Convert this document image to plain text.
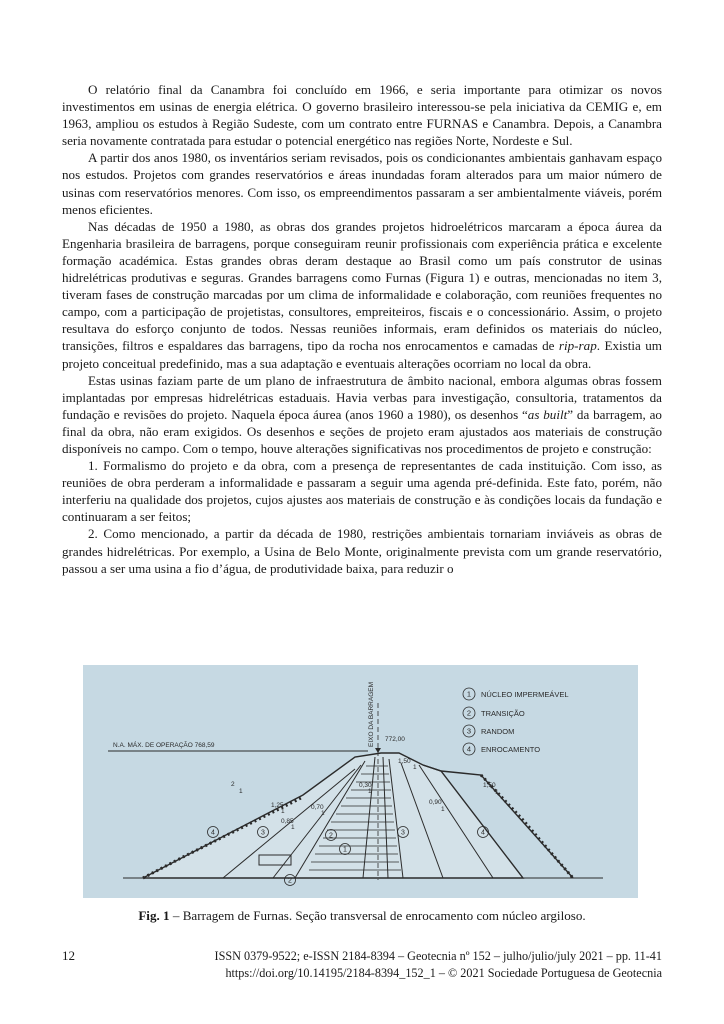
O relatório final da Canambra foi concluído em 1966, e seria importante para otimizar os novos investimentos em usinas de energia elétrica. O governo brasileiro interessou-se pela iniciativa da CEMIG e, em 1963, ampliou os estudos à Região Sudeste, com um contrato entre FURNAS e Canambra. Depois, a Canambra seria novamente contratada para estudar o potencial energético nas regiões Norte, Nordeste e Sul.

A partir dos anos 1980, os inventários seriam revisados, pois os condicionantes ambientais ganhavam espaço nos estudos. Projetos com grandes reservatórios e áreas inundadas foram alterados para um maior número de usinas com reservatórios menores. Com isso, os empreendimentos passaram a ser ambientalmente viáveis, porém menos eficientes.

Nas décadas de 1950 a 1980, as obras dos grandes projetos hidroelétricos marcaram a época áurea da Engenharia brasileira de barragens, porque conseguiram reunir profissionais com experiência prática e excelente formação académica. Estas grandes obras deram destaque ao Brasil como um país construtor de usinas hidrelétricas produtivas e seguras. Grandes barragens como Furnas (Figura 1) e outras, mencionadas no item 3, tiveram fases de construção marcadas por um clima de informalidade e colaboração, com reuniões frequentes no campo, com a participação de projetistas, consultores, empreiteiros, fiscais e o concessionário. Assim, o projeto resultava do esforço conjunto de todos. Nessas reuniões informais, eram definidos os materiais do núcleo, transições, filtros e espaldares das barragens, tipo da rocha nos enrocamentos e camadas de rip-rap. Existia um projeto conceitual predefinido, mas a sua adaptação e eventuais alterações ocorriam no local da obra.

Estas usinas faziam parte de um plano de infraestrutura de âmbito nacional, embora algumas obras fossem implantadas por empresas hidrelétricas estaduais. Havia verbas para investigação, consultoria, tratamentos da fundação e revisões do projeto. Naquela época áurea (anos 1960 a 1980), os desenhos “as built” da barragem, ao final da obra, não eram exigidos. Os desenhos e seções de projeto eram ajustados aos materiais de construção disponíveis no campo. Com o tempo, houve alterações significativas nos procedimentos de projeto e construção:

1. Formalismo do projeto e da obra, com a presença de representantes de cada instituição. Com isso, as reuniões de obra perderam a informalidade e passaram a seguir uma agenda pré-definida. Este fato, porém, não interferiu na qualidade dos projetos, cujos ajustes aos materiais de construção e às condições locais da fundação e continuaram a ser feitos;

2. Como mencionado, a partir da década de 1980, restrições ambientais tornariam inviáveis as obras de grandes hidrelétricas. Por exemplo, a Usina de Belo Monte, originalmente prevista com um grande reservatório, passou a ser uma usina a fio d’água, de produtividade baixa, para reduzir o

EIXO DA BARRAGEM
N.A. MÁX. DE OPERAÇÃO 768,59
772,00
1,50
1
1,50
1
0,90
1
2
1
1,25
1
0,70
1
0,85
1
0,30
1
4	3	2
1
3	4
2
1 NÚCLEO IMPERMEÁVEL
2 TRANSIÇÃO
3 RANDOM
4 ENROCAMENTO
Fig. 1 – Barragem de Furnas. Seção transversal de enrocamento com núcleo argiloso.
12	ISSN 0379-9522; e-ISSN 2184-8394 – Geotecnia nº 152 – julho/julio/july 2021 – pp. 11-41
https://doi.org/10.14195/2184-8394_152_1 – © 2021 Sociedade Portuguesa de Geotecnia
